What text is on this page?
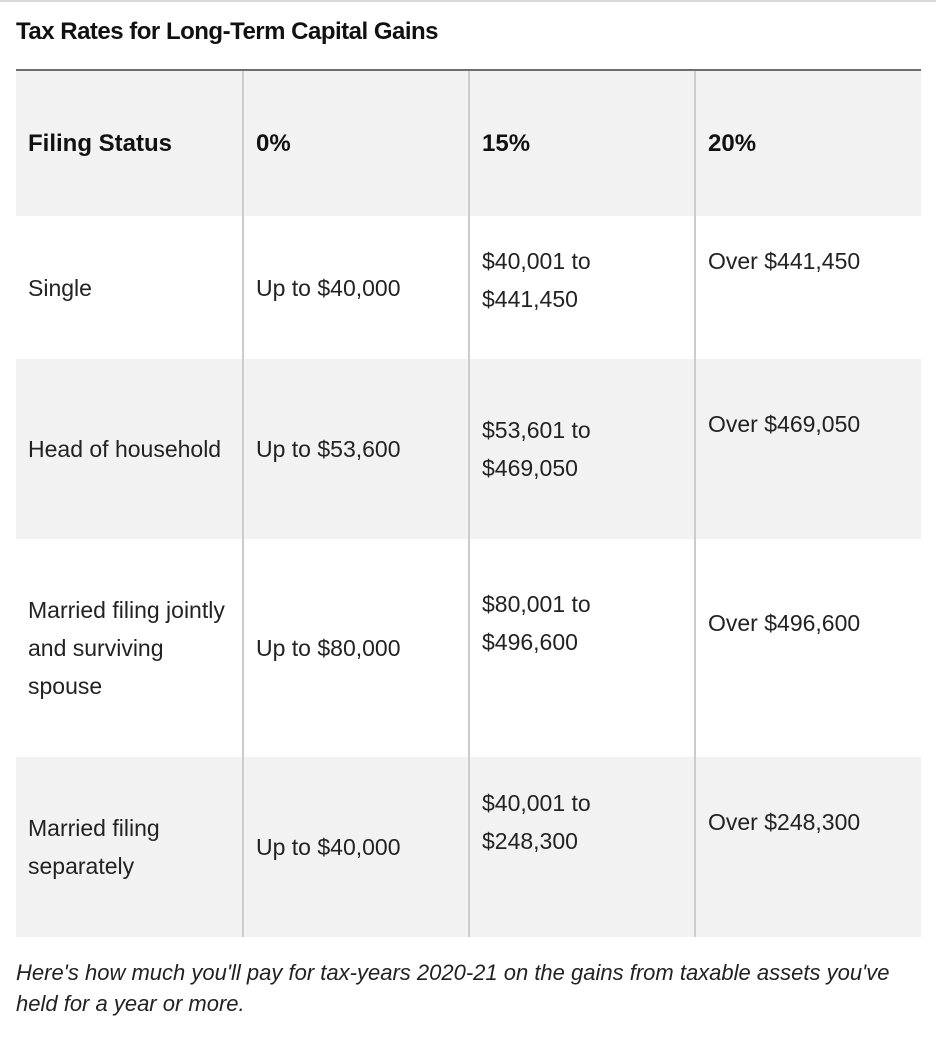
Tax Rates for Long-Term Capital Gains
Filing Status	0%	15%	20%
Single	Up to $40,000	$40,001 to $441,450	Over $441,450
Head of household	Up to $53,600	$53,601 to $469,050	Over $469,050
Married filing jointly and surviving spouse	Up to $80,000	$80,001 to $496,600	Over $496,600
Married filing separately	Up to $40,000	$40,001 to $248,300	Over $248,300

Here's how much you'll pay for tax-years 2020-21 on the gains from taxable assets you've held for a year or more.
